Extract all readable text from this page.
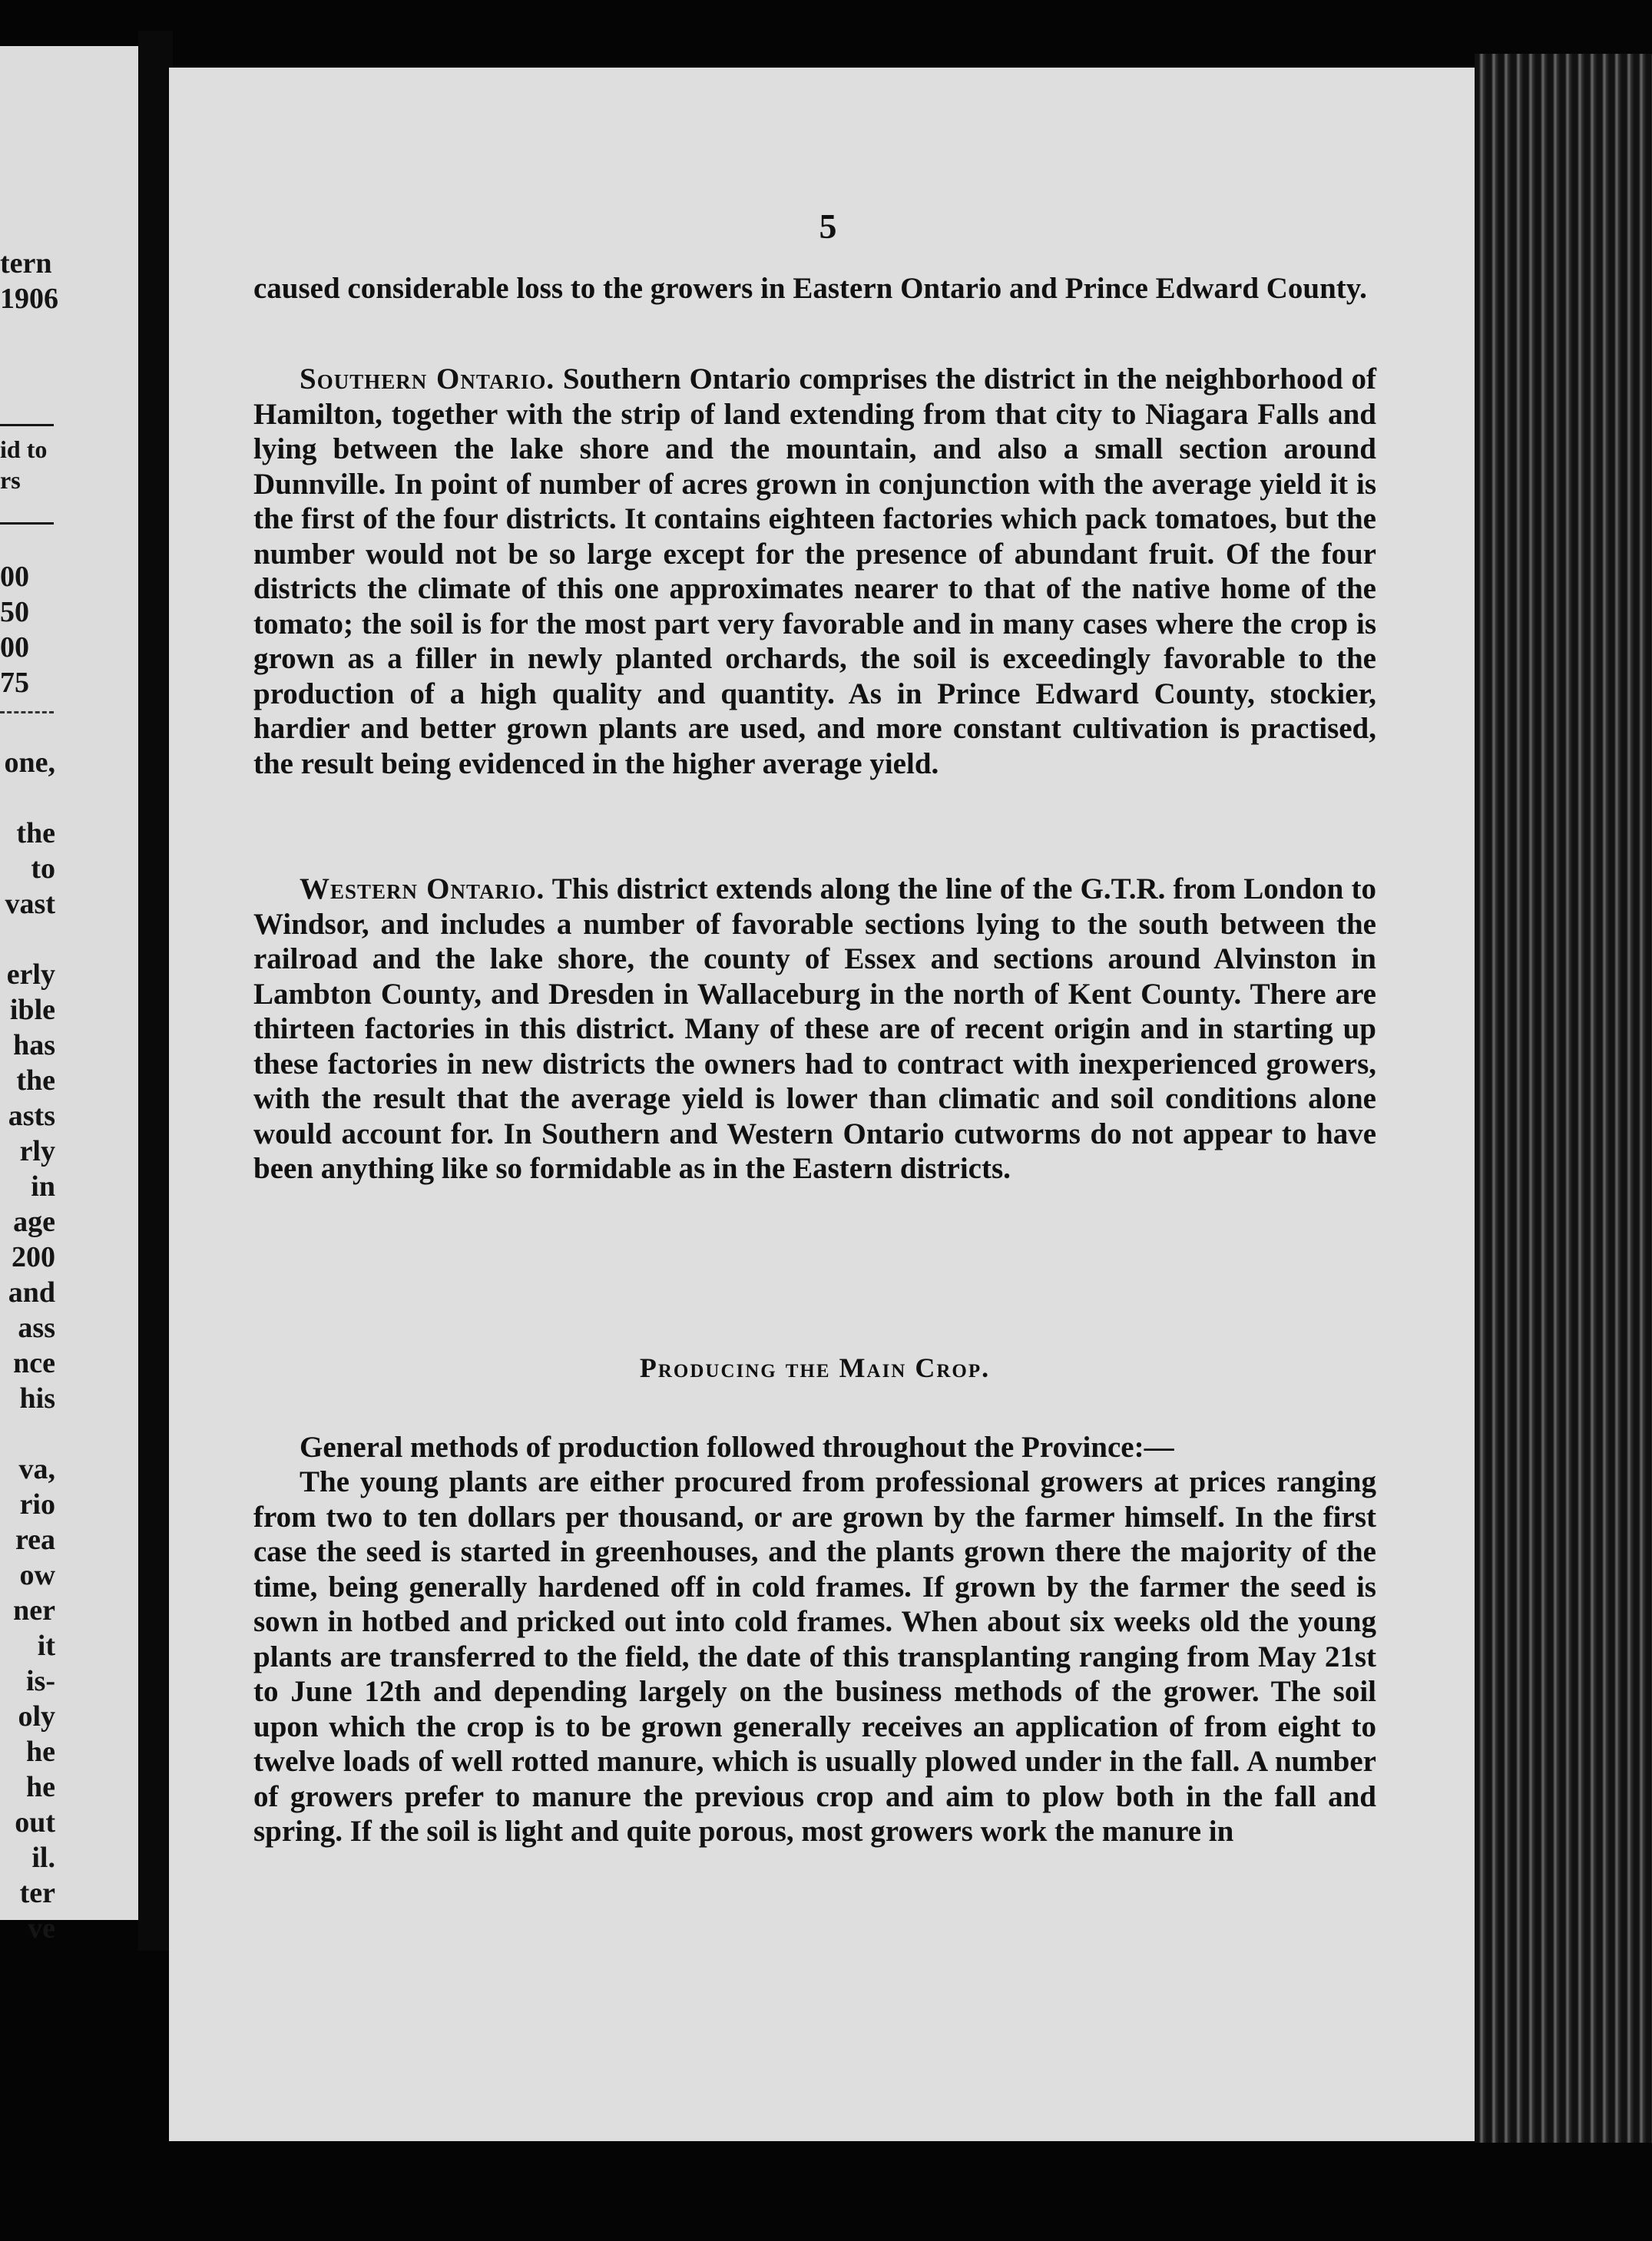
tern
1906
id to
rs
00
50
00
75
one,

the
to
vast

erly
ible
has
the
asts
rly
in
age
200
and
ass
nce
his

va,
rio
rea
ow
ner
it
is-
oly
he
he
out
il.
ter
ve
5

caused considerable loss to the growers in Eastern Ontario and Prince Edward County.

Southern Ontario. Southern Ontario comprises the district in the neighborhood of Hamilton, together with the strip of land extending from that city to Niagara Falls and lying between the lake shore and the mountain, and also a small section around Dunnville. In point of number of acres grown in conjunction with the average yield it is the first of the four districts. It contains eighteen factories which pack tomatoes, but the number would not be so large except for the presence of abundant fruit. Of the four districts the climate of this one approximates nearer to that of the native home of the tomato; the soil is for the most part very favorable and in many cases where the crop is grown as a filler in newly planted orchards, the soil is exceedingly favorable to the production of a high quality and quantity. As in Prince Edward County, stockier, hardier and better grown plants are used, and more constant cultivation is practised, the result being evidenced in the higher average yield.

Western Ontario. This district extends along the line of the G.T.R. from London to Windsor, and includes a number of favorable sections lying to the south between the railroad and the lake shore, the county of Essex and sections around Alvinston in Lambton County, and Dresden in Wallaceburg in the north of Kent County. There are thirteen factories in this district. Many of these are of recent origin and in starting up these factories in new districts the owners had to contract with inexperienced growers, with the result that the average yield is lower than climatic and soil conditions alone would account for. In Southern and Western Ontario cutworms do not appear to have been anything like so formidable as in the Eastern districts.

Producing the Main Crop.

General methods of production followed throughout the Province:—

The young plants are either procured from professional growers at prices ranging from two to ten dollars per thousand, or are grown by the farmer himself. In the first case the seed is started in greenhouses, and the plants grown there the majority of the time, being generally hardened off in cold frames. If grown by the farmer the seed is sown in hotbed and pricked out into cold frames. When about six weeks old the young plants are transferred to the field, the date of this transplanting ranging from May 21st to June 12th and depending largely on the business methods of the grower. The soil upon which the crop is to be grown generally receives an application of from eight to twelve loads of well rotted manure, which is usually plowed under in the fall. A number of growers prefer to manure the previous crop and aim to plow both in the fall and spring. If the soil is light and quite porous, most growers work the manure in
